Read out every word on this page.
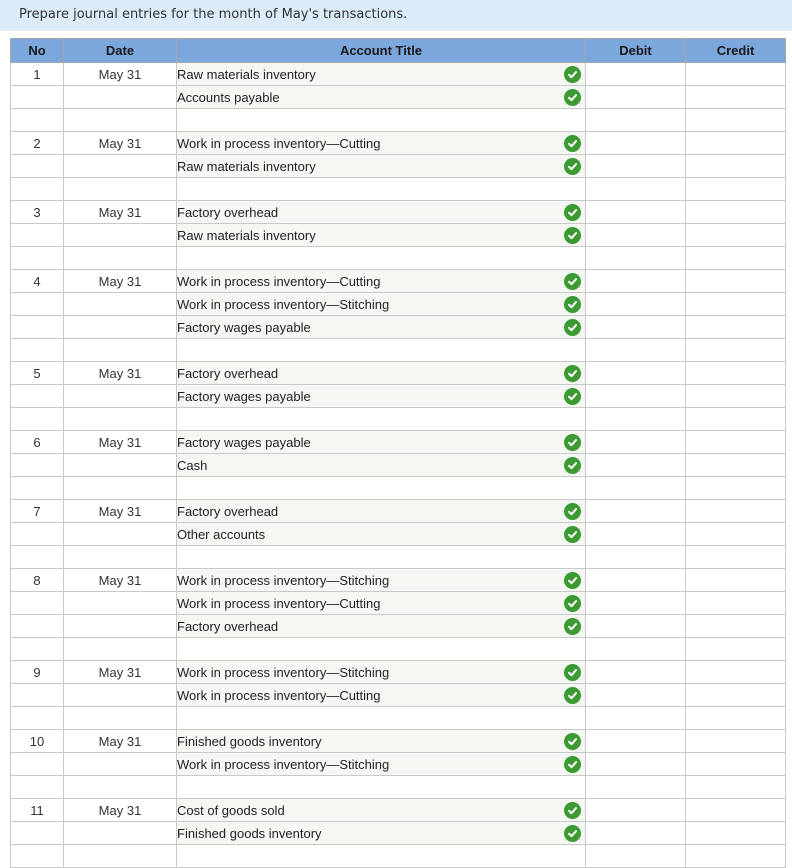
Prepare journal entries for the month of May's transactions.
No	Date	Account Title	Debit	Credit
1	May 31	Raw materials inventory

		Accounts payable

2	May 31	Work in process inventory—Cutting

		Raw materials inventory

3	May 31	Factory overhead

		Raw materials inventory

4	May 31	Work in process inventory—Cutting

		Work in process inventory—Stitching

		Factory wages payable

5	May 31	Factory overhead

		Factory wages payable

6	May 31	Factory wages payable

		Cash

7	May 31	Factory overhead

		Other accounts

8	May 31	Work in process inventory—Stitching

		Work in process inventory—Cutting

		Factory overhead

9	May 31	Work in process inventory—Stitching

		Work in process inventory—Cutting

10	May 31	Finished goods inventory

		Work in process inventory—Stitching

11	May 31	Cost of goods sold

		Finished goods inventory
